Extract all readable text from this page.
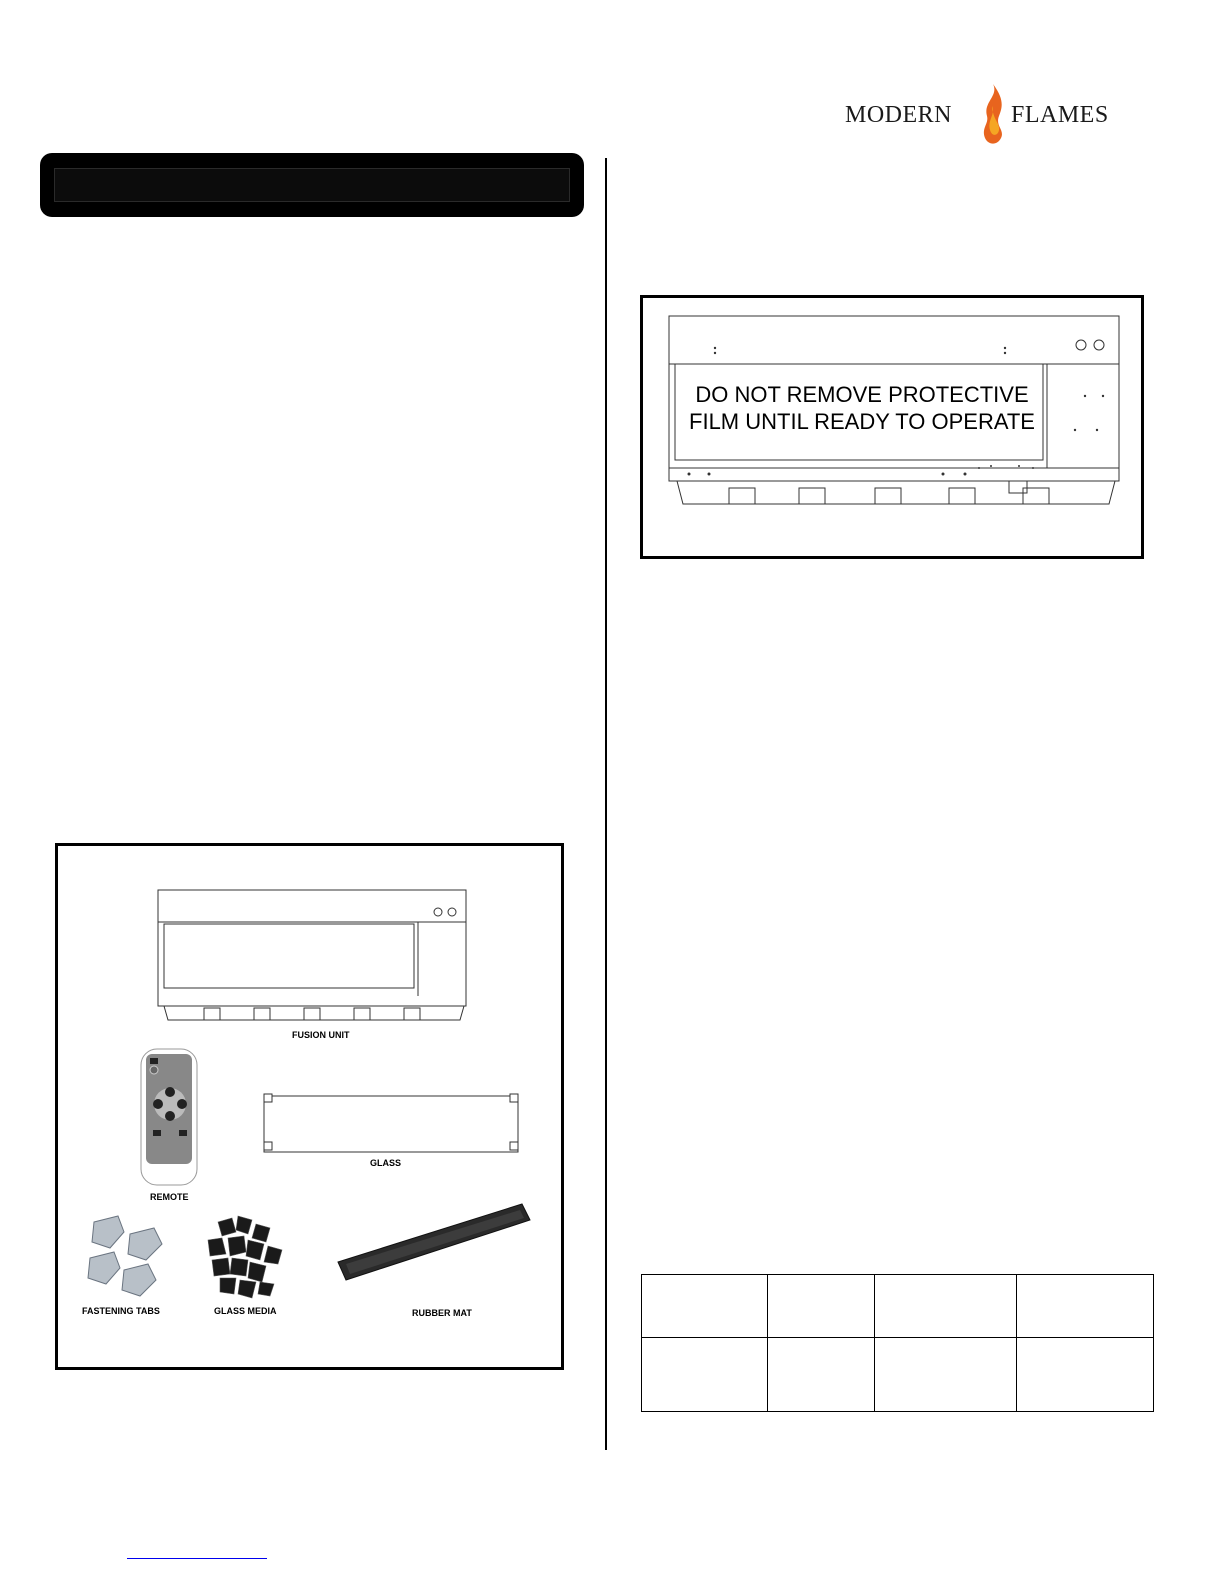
MODERN FLAMES
DO NOT REMOVE PROTECTIVE
FILM UNTIL READY TO OPERATE
FUSION UNIT
REMOTE
GLASS
FASTENING TABS	GLASS MEDIA	RUBBER MAT
